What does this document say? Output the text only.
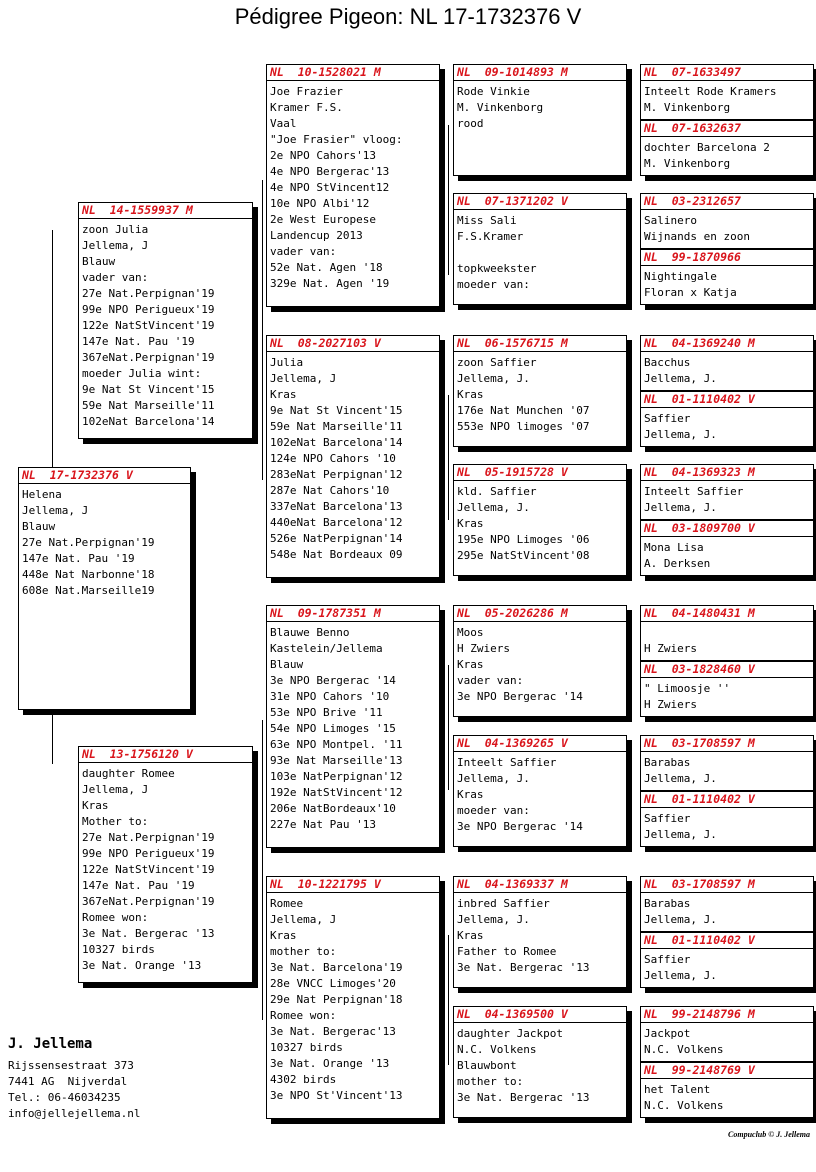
Pédigree Pigeon: NL 17-1732376 V
NL  17-1732376 V
Helena
Jellema, J
Blauw
27e Nat.Perpignan'19
147e Nat. Pau '19
448e Nat Narbonne'18
608e Nat.Marseille19
NL  14-1559937 M
zoon Julia
Jellema, J
Blauw
vader van:
27e Nat.Perpignan'19
99e NPO Perigueux'19
122e NatStVincent'19
147e Nat. Pau '19
367eNat.Perpignan'19
moeder Julia wint:
9e Nat St Vincent'15
59e Nat Marseille'11
102eNat Barcelona'14
NL  13-1756120 V
daughter Romee
Jellema, J
Kras
Mother to:
27e Nat.Perpignan'19
99e NPO Perigueux'19
122e NatStVincent'19
147e Nat. Pau '19
367eNat.Perpignan'19
Romee won:
3e Nat. Bergerac '13
10327 birds
3e Nat. Orange '13
NL  10-1528021 M
Joe Frazier
Kramer F.S.
Vaal
"Joe Frasier" vloog:
2e NPO Cahors'13
4e NPO Bergerac'13
4e NPO StVincent12
10e NPO Albi'12
2e West Europese
Landencup 2013
vader van:
52e Nat. Agen '18
329e Nat. Agen '19
NL  08-2027103 V
Julia
Jellema, J
Kras
9e Nat St Vincent'15
59e Nat Marseille'11
102eNat Barcelona'14
124e NPO Cahors '10
283eNat Perpignan'12
287e Nat Cahors'10
337eNat Barcelona'13
440eNat Barcelona'12
526e NatPerpignan'14
548e Nat Bordeaux 09
NL  09-1787351 M
Blauwe Benno
Kastelein/Jellema
Blauw
3e NPO Bergerac '14
31e NPO Cahors '10
53e NPO Brive '11
54e NPO Limoges '15
63e NPO Montpel. '11
93e Nat Marseille'13
103e NatPerpignan'12
192e NatStVincent'12
206e NatBordeaux'10
227e Nat Pau '13
NL  10-1221795 V
Romee
Jellema, J
Kras
mother to:
3e Nat. Barcelona'19
28e VNCC Limoges'20
29e Nat Perpignan'18
Romee won:
3e Nat. Bergerac'13
10327 birds
3e Nat. Orange '13
4302 birds
3e NPO St'Vincent'13
NL  09-1014893 M
Rode Vinkie
M. Vinkenborg
rood
NL  07-1371202 V
Miss Sali
F.S.Kramer

topkweekster
moeder van:
NL  06-1576715 M
zoon Saffier
Jellema, J.
Kras
176e Nat Munchen '07
553e NPO limoges '07
NL  05-1915728 V
kld. Saffier
Jellema, J.
Kras
195e NPO Limoges '06
295e NatStVincent'08
NL  05-2026286 M
Moos
H Zwiers
Kras
vader van:
3e NPO Bergerac '14
NL  04-1369265 V
Inteelt Saffier
Jellema, J.
Kras
moeder van:
3e NPO Bergerac '14
NL  04-1369337 M
inbred Saffier
Jellema, J.
Kras
Father to Romee
3e Nat. Bergerac '13
NL  04-1369500 V
daughter Jackpot
N.C. Volkens
Blauwbont
mother to:
3e Nat. Bergerac '13
NL  07-1633497
Inteelt Rode Kramers
M. Vinkenborg
NL  07-1632637
dochter Barcelona 2
M. Vinkenborg
NL  03-2312657
Salinero
Wijnands en zoon
NL  99-1870966
Nightingale
Floran x Katja
NL  04-1369240 M
Bacchus
Jellema, J.
NL  01-1110402 V
Saffier
Jellema, J.
NL  04-1369323 M
Inteelt Saffier
Jellema, J.
NL  03-1809700 V
Mona Lisa
A. Derksen
NL  04-1480431 M

H Zwiers
NL  03-1828460 V
" Limoosje ''
H Zwiers
NL  03-1708597 M
Barabas
Jellema, J.
NL  01-1110402 V
Saffier
Jellema, J.
NL  03-1708597 M
Barabas
Jellema, J.
NL  01-1110402 V
Saffier
Jellema, J.
NL  99-2148796 M
Jackpot
N.C. Volkens
NL  99-2148769 V
het Talent
N.C. Volkens
J. Jellema
Rijssensestraat 373
7441 AG  Nijverdal
Tel.: 06-46034235
info@jellejellema.nl
Compuclub © J. Jellema
